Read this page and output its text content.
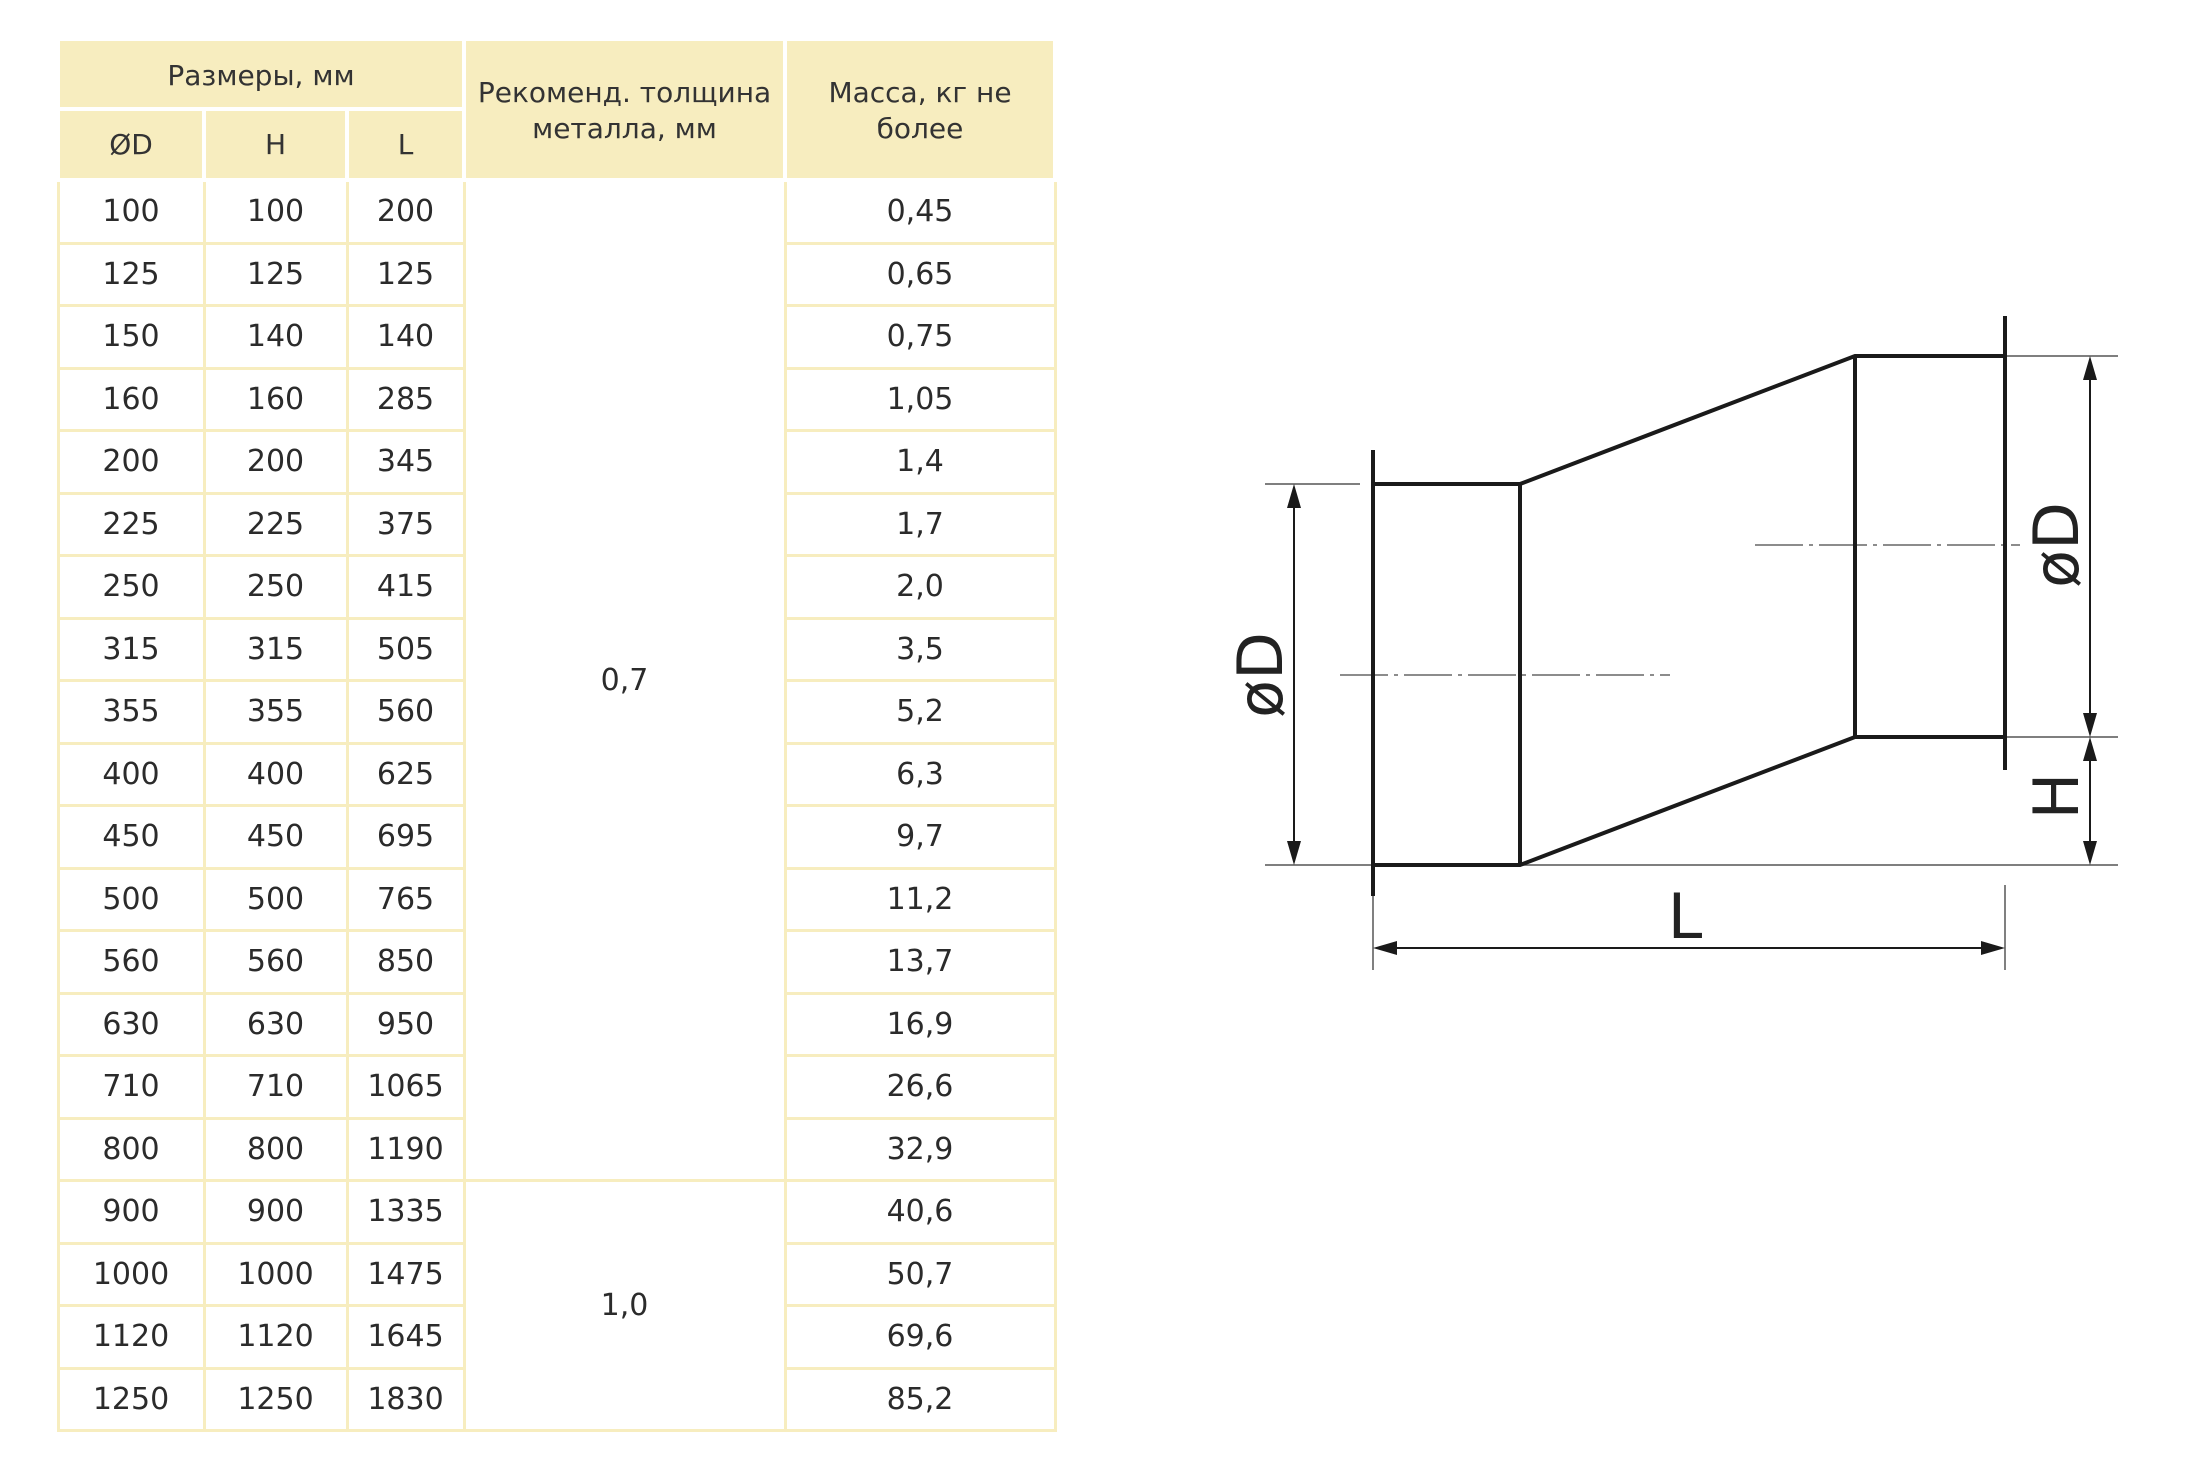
Размеры, мм			Рекоменд. толщина металла, мм	Масса, кг не более
ØD	H	L		
100	100	200	0,7	0,45
125	125	125		0,65
150	140	140		0,75
160	160	285		1,05
200	200	345		1,4
225	225	375		1,7
250	250	415		2,0
315	315	505		3,5
355	355	560		5,2
400	400	625		6,3
450	450	695		9,7
500	500	765		11,2
560	560	850		13,7
630	630	950		16,9
710	710	1065		26,6
800	800	1190		32,9
900	900	1335	1,0	40,6
1000	1000	1475		50,7
1120	1120	1645		69,6
1250	1250	1830		85,2
øD
øD
H
L
